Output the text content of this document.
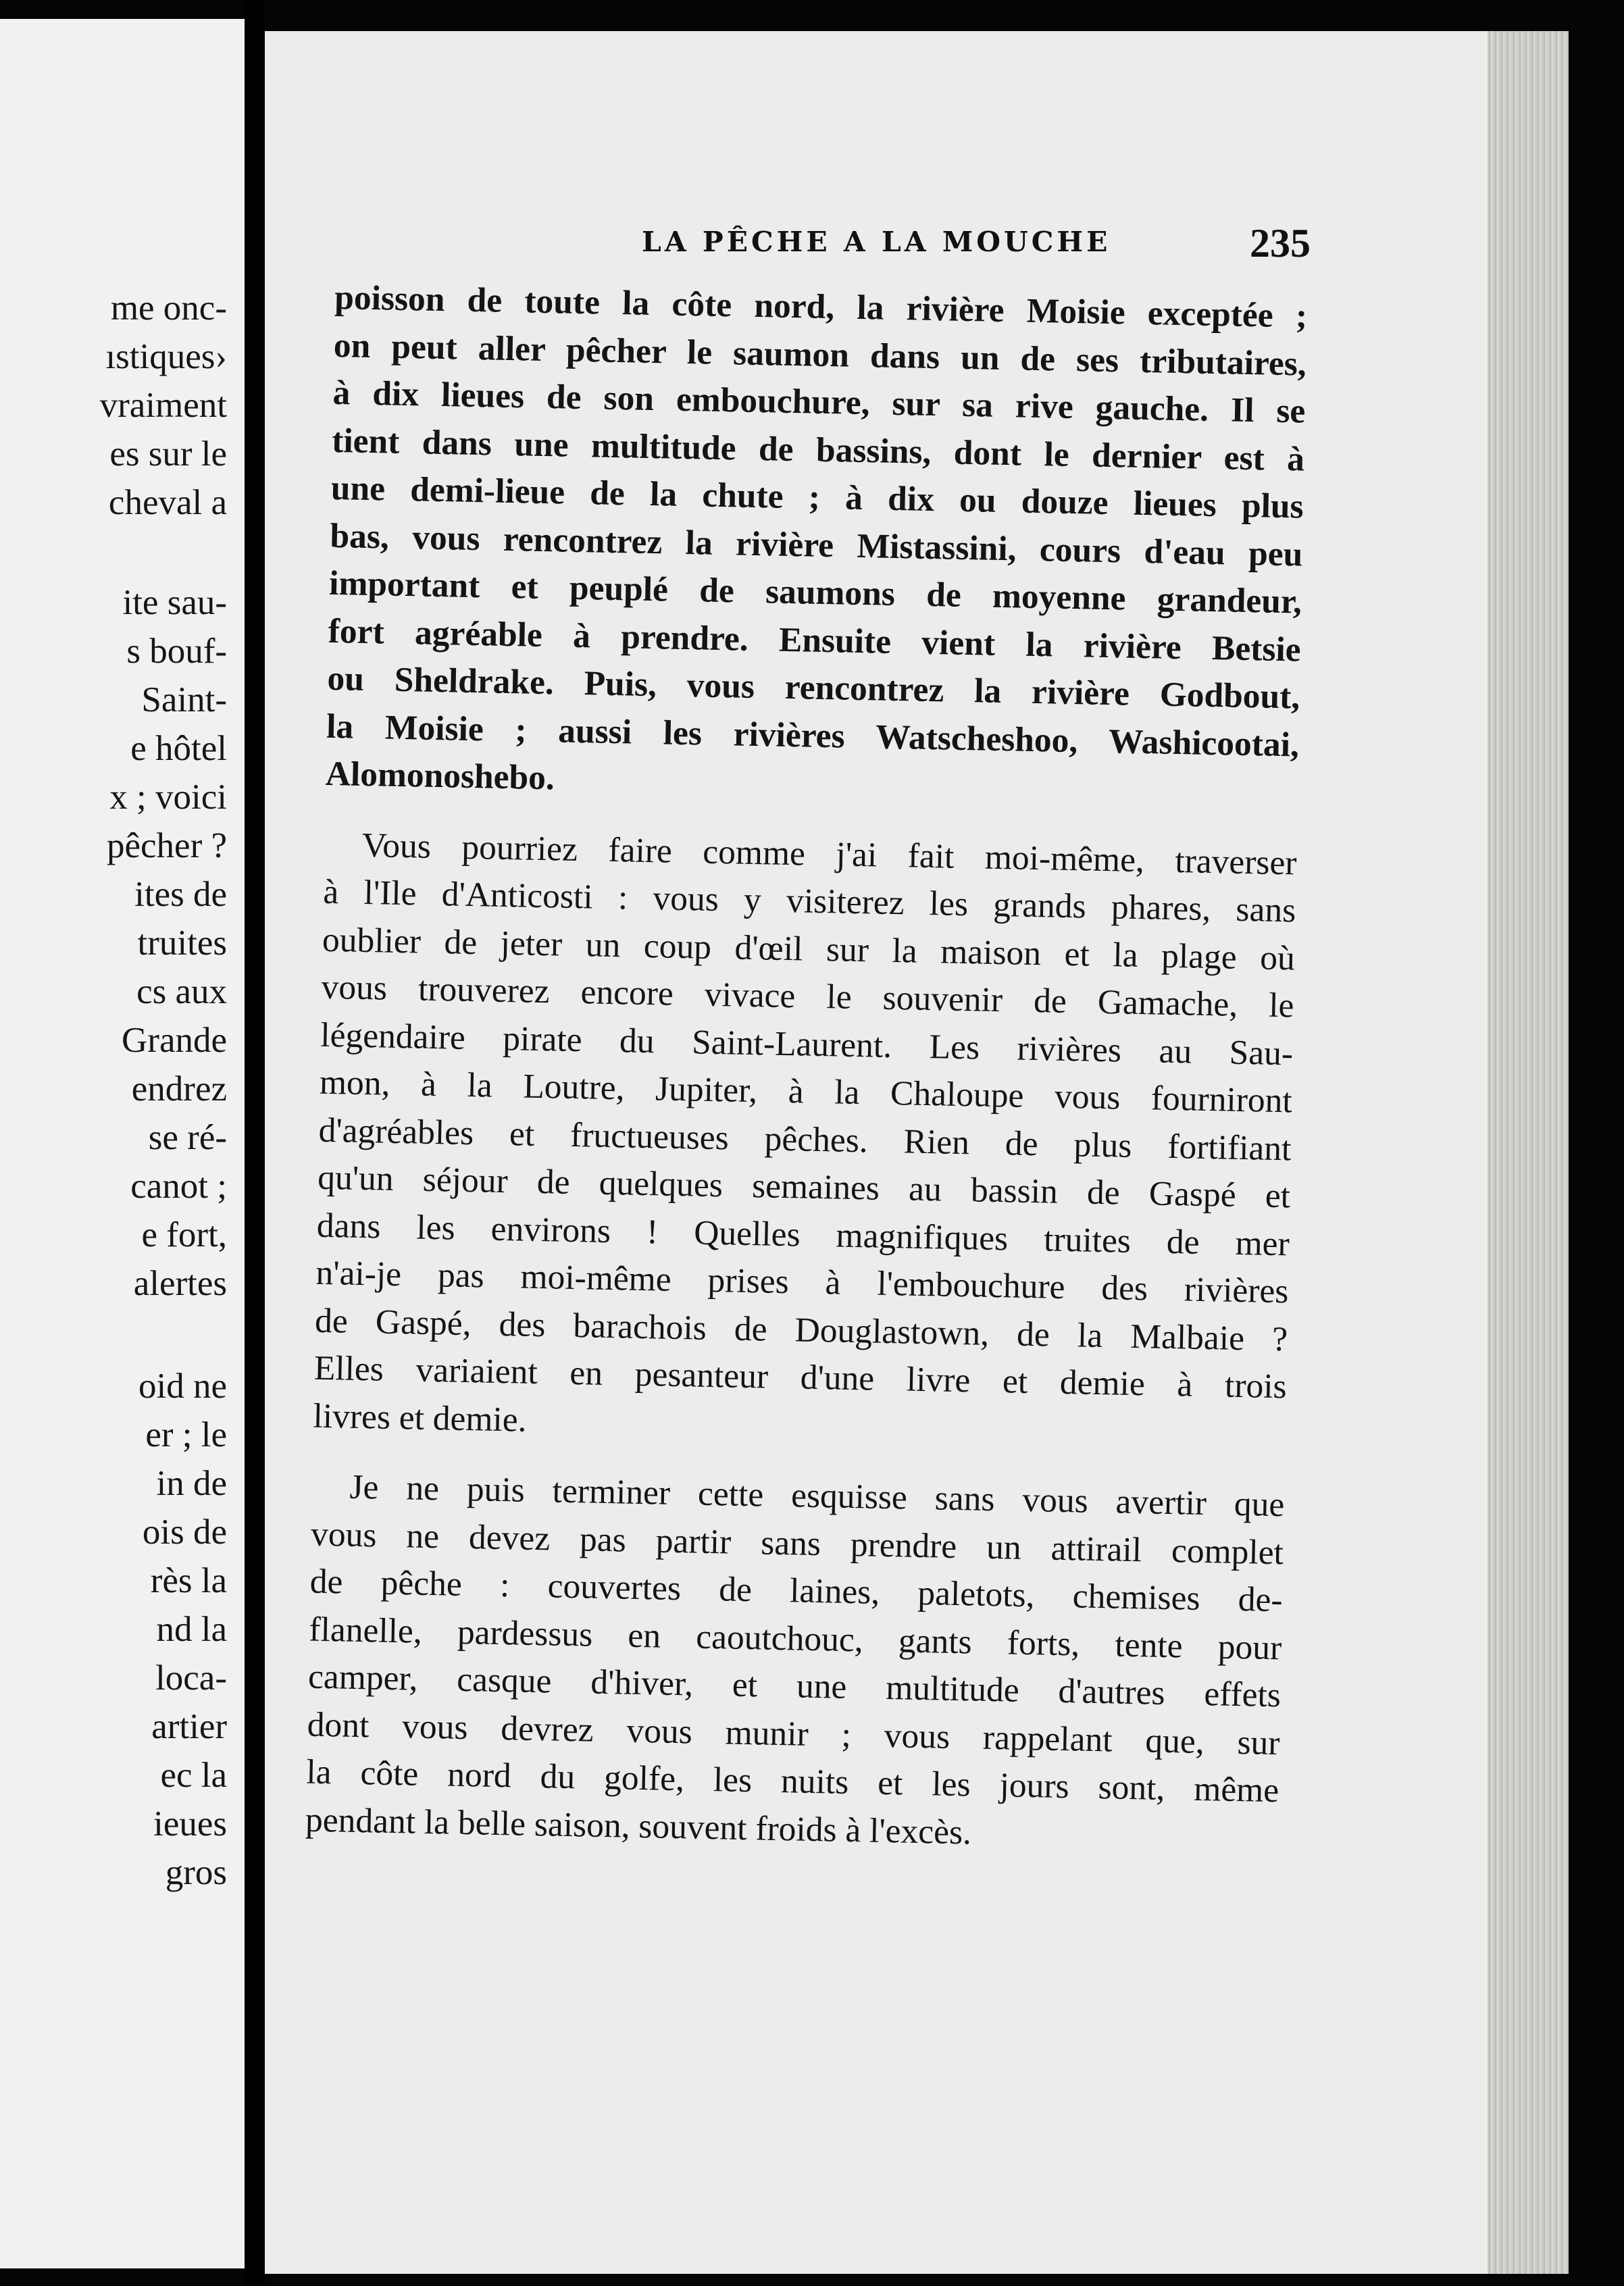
me onc-
ıstiques›
vraiment
es sur le
cheval a
ite sau-
s bouf-
Saint-
e hôtel
x ; voici
pêcher ?
ites de
truites
cs aux
Grande
endrez
se ré-
canot ;
e fort,
alertes
oid ne
er ; le
in de
ois de
rès la
nd la
loca-
artier
ec la
ieues
gros
LA PÊCHE A LA MOUCHE	235

poisson de toute la côte nord, la rivière Moisie exceptée ;
on peut aller pêcher le saumon dans un de ses tributaires,
à dix lieues de son embouchure, sur sa rive gauche. Il se
tient dans une multitude de bassins, dont le dernier est à
une demi-lieue de la chute ; à dix ou douze lieues plus
bas, vous rencontrez la rivière Mistassini, cours d'eau peu
important et peuplé de saumons de moyenne grandeur,
fort agréable à prendre. Ensuite vient la rivière Betsie
ou Sheldrake. Puis, vous rencontrez la rivière Godbout,
la Moisie ; aussi les rivières Watscheshoo, Washicootai,
Alomonoshebo.

Vous pourriez faire comme j'ai fait moi-même, traverser
à l'Ile d'Anticosti : vous y visiterez les grands phares, sans
oublier de jeter un coup d'œil sur la maison et la plage où
vous trouverez encore vivace le souvenir de Gamache, le
légendaire pirate du Saint-Laurent. Les rivières au Sau-
mon, à la Loutre, Jupiter, à la Chaloupe vous fourniront
d'agréables et fructueuses pêches. Rien de plus fortifiant
qu'un séjour de quelques semaines au bassin de Gaspé et
dans les environs ! Quelles magnifiques truites de mer
n'ai-je pas moi-même prises à l'embouchure des rivières
de Gaspé, des barachois de Douglastown, de la Malbaie ?
Elles variaient en pesanteur d'une livre et demie à trois
livres et demie.

Je ne puis terminer cette esquisse sans vous avertir que
vous ne devez pas partir sans prendre un attirail complet
de pêche : couvertes de laines, paletots, chemises de-
flanelle, pardessus en caoutchouc, gants forts, tente pour
camper, casque d'hiver, et une multitude d'autres effets
dont vous devrez vous munir ; vous rappelant que, sur
la côte nord du golfe, les nuits et les jours sont, même
pendant la belle saison, souvent froids à l'excès.
